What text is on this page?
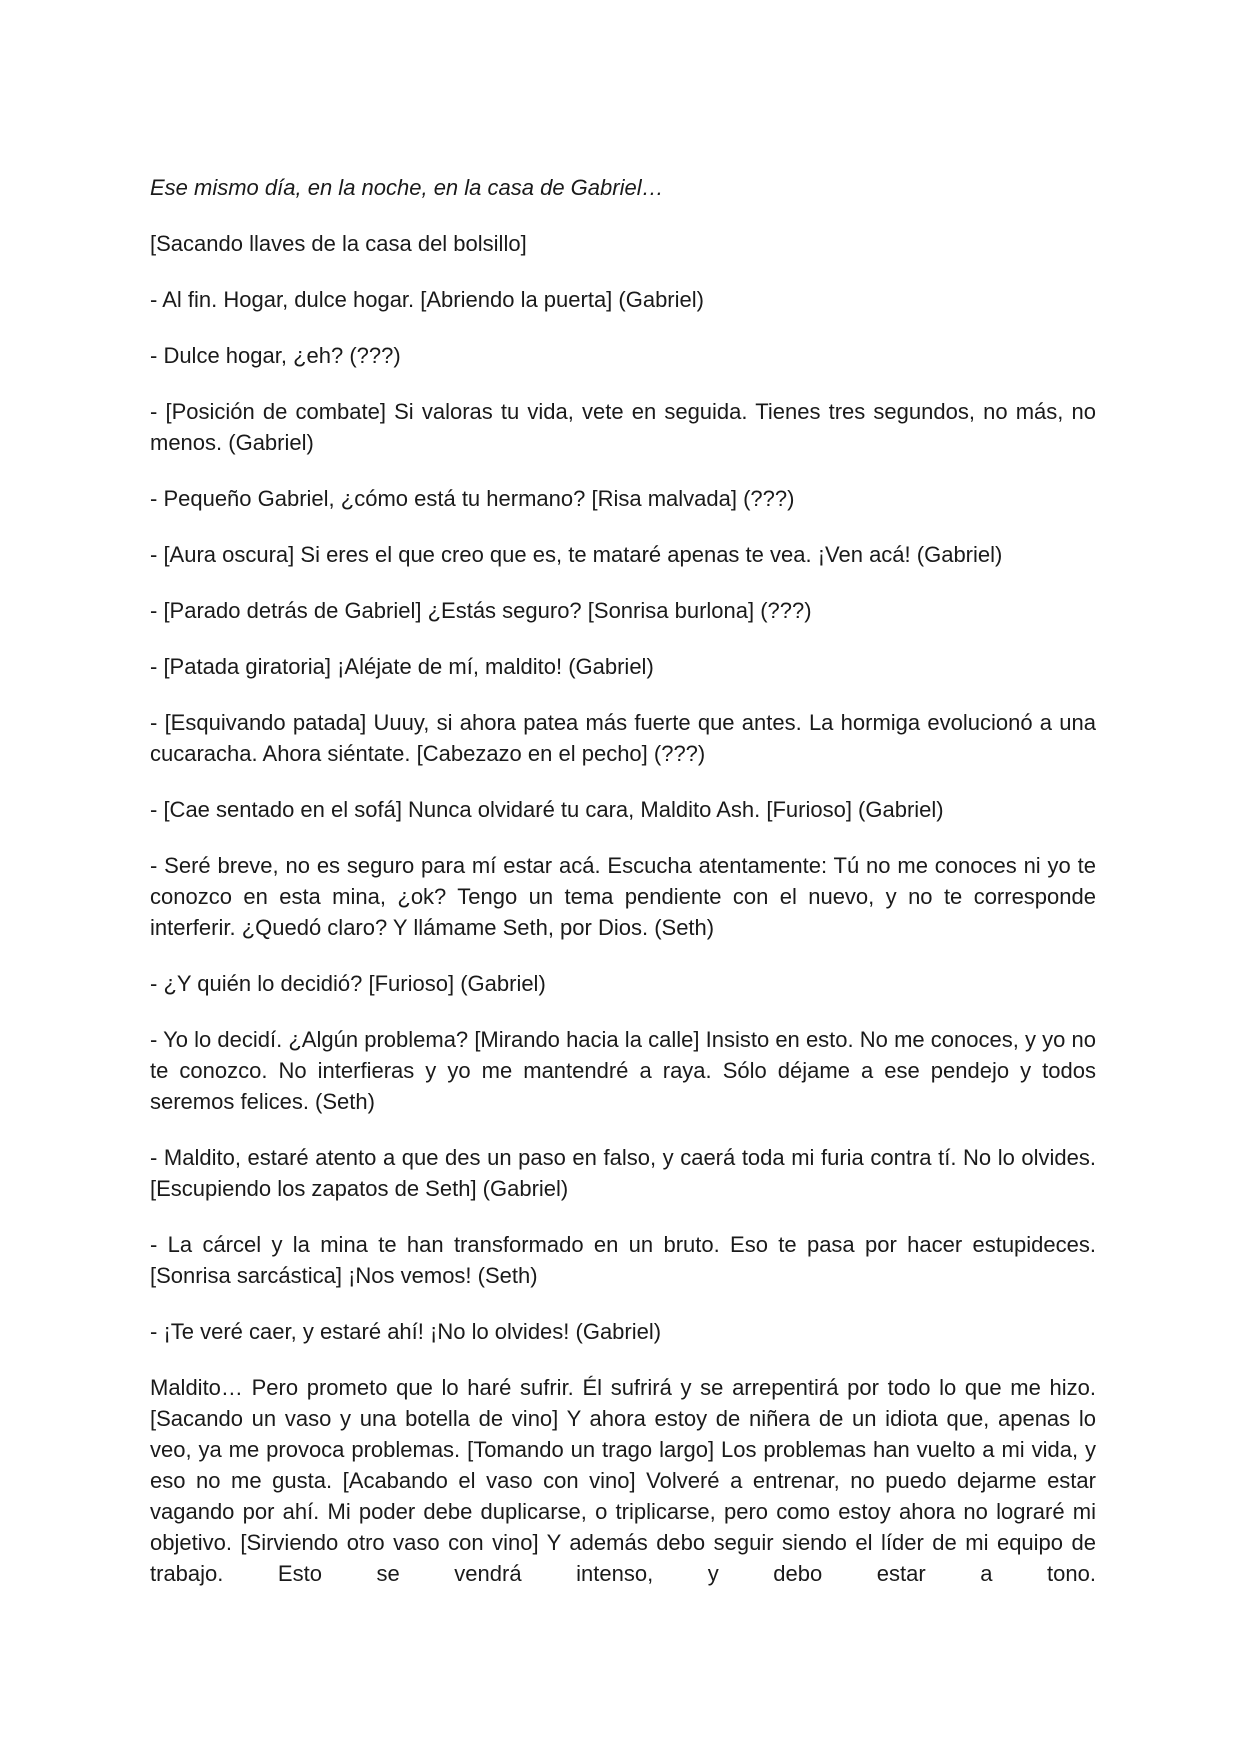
Ese mismo día, en la noche, en la casa de Gabriel…

[Sacando llaves de la casa del bolsillo]

- Al fin. Hogar, dulce hogar. [Abriendo la puerta] (Gabriel)

- Dulce hogar, ¿eh? (???)

- [Posición de combate] Si valoras tu vida, vete en seguida. Tienes tres segundos, no más, no menos. (Gabriel)

- Pequeño Gabriel, ¿cómo está tu hermano? [Risa malvada] (???)

- [Aura oscura] Si eres el que creo que es, te mataré apenas te vea. ¡Ven acá! (Gabriel)

- [Parado detrás de Gabriel] ¿Estás seguro? [Sonrisa burlona] (???)

- [Patada giratoria] ¡Aléjate de mí, maldito! (Gabriel)

- [Esquivando patada] Uuuy, si ahora patea más fuerte que antes. La hormiga evolucionó a una cucaracha. Ahora siéntate. [Cabezazo en el pecho] (???)

- [Cae sentado en el sofá] Nunca olvidaré tu cara, Maldito Ash. [Furioso] (Gabriel)

- Seré breve, no es seguro para mí estar acá. Escucha atentamente: Tú no me conoces ni yo te conozco en esta mina, ¿ok? Tengo un tema pendiente con el nuevo, y no te corresponde interferir. ¿Quedó claro? Y llámame Seth, por Dios. (Seth)

- ¿Y quién lo decidió? [Furioso] (Gabriel)

- Yo lo decidí. ¿Algún problema? [Mirando hacia la calle] Insisto en esto. No me conoces, y yo no te conozco. No interfieras y yo me mantendré a raya. Sólo déjame a ese pendejo y todos seremos felices. (Seth)

- Maldito, estaré atento a que des un paso en falso, y caerá toda mi furia contra tí. No lo olvides. [Escupiendo los zapatos de Seth] (Gabriel)

- La cárcel y la mina te han transformado en un bruto. Eso te pasa por hacer estupideces. [Sonrisa sarcástica] ¡Nos vemos! (Seth)

- ¡Te veré caer, y estaré ahí! ¡No lo olvides! (Gabriel)

Maldito… Pero prometo que lo haré sufrir. Él sufrirá y se arrepentirá por todo lo que me hizo. [Sacando un vaso y una botella de vino] Y ahora estoy de niñera de un idiota que, apenas lo veo, ya me provoca problemas. [Tomando un trago largo] Los problemas han vuelto a mi vida, y eso no me gusta. [Acabando el vaso con vino] Volveré a entrenar, no puedo dejarme estar vagando por ahí. Mi poder debe duplicarse, o triplicarse, pero como estoy ahora no lograré mi objetivo. [Sirviendo otro vaso con vino] Y además debo seguir siendo el líder de mi equipo de trabajo. Esto se vendrá intenso, y debo estar a tono.
